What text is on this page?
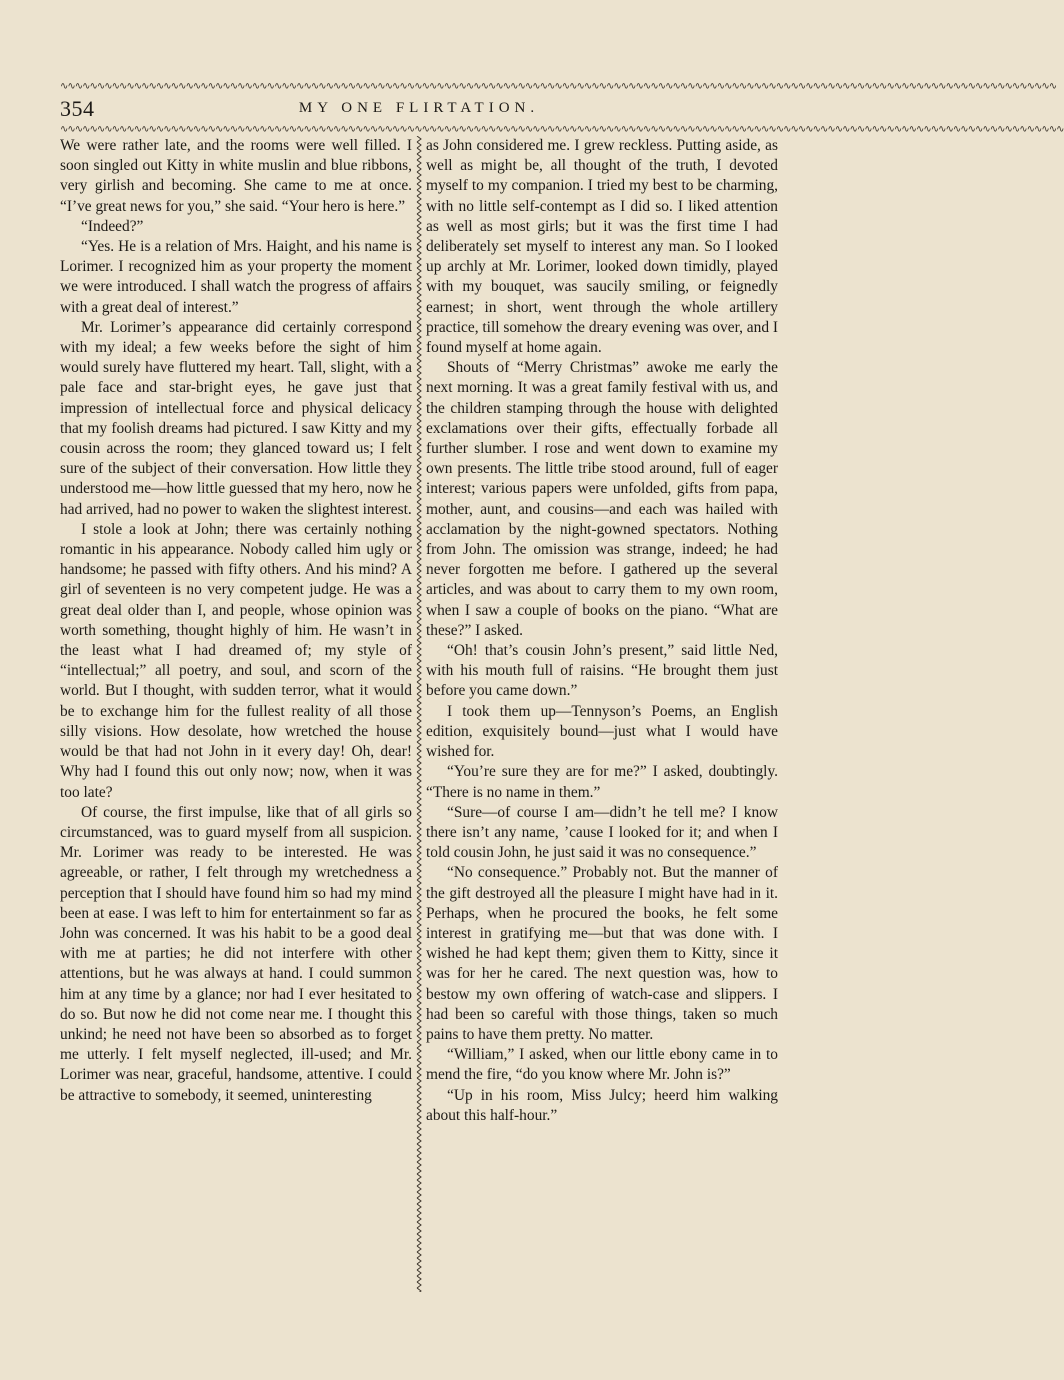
∿∿∿∿∿∿∿∿∿∿∿∿∿∿∿∿∿∿∿∿∿∿∿∿∿∿∿∿∿∿∿∿∿∿∿∿∿∿∿∿∿∿∿∿∿∿∿∿∿∿∿∿∿∿∿∿∿∿∿∿∿∿∿∿∿∿∿∿∿∿∿∿∿∿∿∿∿∿∿∿∿∿∿∿∿∿∿∿∿∿∿∿∿∿∿∿∿∿∿∿∿∿∿∿∿∿∿∿∿∿∿∿∿∿∿∿∿∿∿∿∿∿∿∿∿∿∿∿∿∿∿∿∿∿∿
354	MY ONE FLIRTATION.
∿∿∿∿∿∿∿∿∿∿∿∿∿∿∿∿∿∿∿∿∿∿∿∿∿∿∿∿∿∿∿∿∿∿∿∿∿∿∿∿∿∿∿∿∿∿∿∿∿∿∿∿∿∿∿∿∿∿∿∿∿∿∿∿∿∿∿∿∿∿∿∿∿∿∿∿∿∿∿∿∿∿∿∿∿∿∿∿∿∿∿∿∿∿∿∿∿∿∿∿∿∿∿∿∿∿∿∿∿∿∿∿∿∿∿∿∿∿∿∿∿∿∿∿∿∿∿∿∿∿∿∿∿∿∿∿

We were rather late, and the rooms were well filled. I soon singled out Kitty in white muslin and blue ribbons, very girlish and becoming. She came to me at once. “I’ve great news for you,” she said. “Your hero is here.”

“Indeed?”

“Yes. He is a relation of Mrs. Haight, and his name is Lorimer. I recognized him as your property the moment we were introduced. I shall watch the progress of affairs with a great deal of interest.”

Mr. Lorimer’s appearance did certainly correspond with my ideal; a few weeks before the sight of him would surely have fluttered my heart. Tall, slight, with a pale face and star-bright eyes, he gave just that impression of intellectual force and physical delicacy that my foolish dreams had pictured. I saw Kitty and my cousin across the room; they glanced toward us; I felt sure of the subject of their conversation. How little they understood me—how little guessed that my hero, now he had arrived, had no power to waken the slightest interest.

I stole a look at John; there was certainly nothing romantic in his appearance. Nobody called him ugly or handsome; he passed with fifty others. And his mind? A girl of seventeen is no very competent judge. He was a great deal older than I, and people, whose opinion was worth something, thought highly of him. He wasn’t in the least what I had dreamed of; my style of “intellectual;” all poetry, and soul, and scorn of the world. But I thought, with sudden terror, what it would be to exchange him for the fullest reality of all those silly visions. How desolate, how wretched the house would be that had not John in it every day! Oh, dear! Why had I found this out only now; now, when it was too late?

Of course, the first impulse, like that of all girls so circumstanced, was to guard myself from all suspicion. Mr. Lorimer was ready to be interested. He was agreeable, or rather, I felt through my wretchedness a perception that I should have found him so had my mind been at ease. I was left to him for entertainment so far as John was concerned. It was his habit to be a good deal with me at parties; he did not interfere with other attentions, but he was always at hand. I could summon him at any time by a glance; nor had I ever hesitated to do so. But now he did not come near me. I thought this unkind; he need not have been so absorbed as to forget me utterly. I felt myself neglected, ill-used; and Mr. Lorimer was near, graceful, handsome, attentive. I could be attractive to somebody, it seemed, uninteresting

as John considered me. I grew reckless. Putting aside, as well as might be, all thought of the truth, I devoted myself to my companion. I tried my best to be charming, with no little self-contempt as I did so. I liked attention as well as most girls; but it was the first time I had deliberately set myself to interest any man. So I looked up archly at Mr. Lorimer, looked down timidly, played with my bouquet, was saucily smiling, or feignedly earnest; in short, went through the whole artillery practice, till somehow the dreary evening was over, and I found myself at home again.

Shouts of “Merry Christmas” awoke me early the next morning. It was a great family festival with us, and the children stamping through the house with delighted exclamations over their gifts, effectually forbade all further slumber. I rose and went down to examine my own presents. The little tribe stood around, full of eager interest; various papers were unfolded, gifts from papa, mother, aunt, and cousins—and each was hailed with acclamation by the night-gowned spectators. Nothing from John. The omission was strange, indeed; he had never forgotten me before. I gathered up the several articles, and was about to carry them to my own room, when I saw a couple of books on the piano. “What are these?” I asked.

“Oh! that’s cousin John’s present,” said little Ned, with his mouth full of raisins. “He brought them just before you came down.”

I took them up—Tennyson’s Poems, an English edition, exquisitely bound—just what I would have wished for.

“You’re sure they are for me?” I asked, doubtingly. “There is no name in them.”

“Sure—of course I am—didn’t he tell me? I know there isn’t any name, ’cause I looked for it; and when I told cousin John, he just said it was no consequence.”

“No consequence.” Probably not. But the manner of the gift destroyed all the pleasure I might have had in it. Perhaps, when he procured the books, he felt some interest in gratifying me—but that was done with. I wished he had kept them; given them to Kitty, since it was for her he cared. The next question was, how to bestow my own offering of watch-case and slippers. I had been so careful with those things, taken so much pains to have them pretty. No matter.

“William,” I asked, when our little ebony came in to mend the fire, “do you know where Mr. John is?”

“Up in his room, Miss Julcy; heerd him walking about this half-hour.”
